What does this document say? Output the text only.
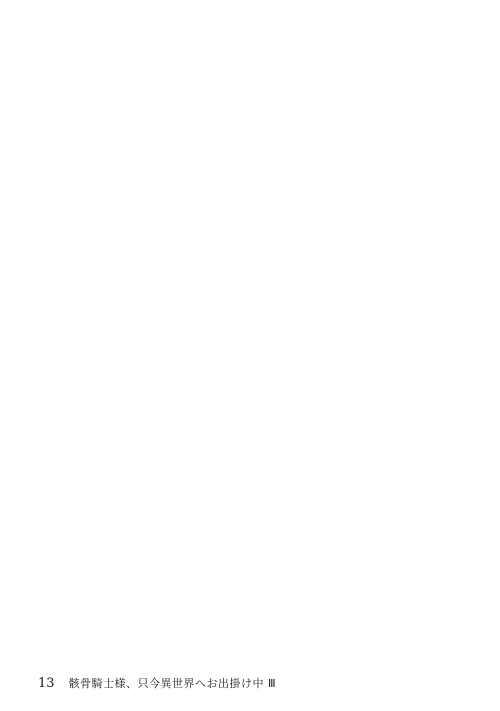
13 骸骨騎士様、只今異世界へお出掛け中 Ⅲ
